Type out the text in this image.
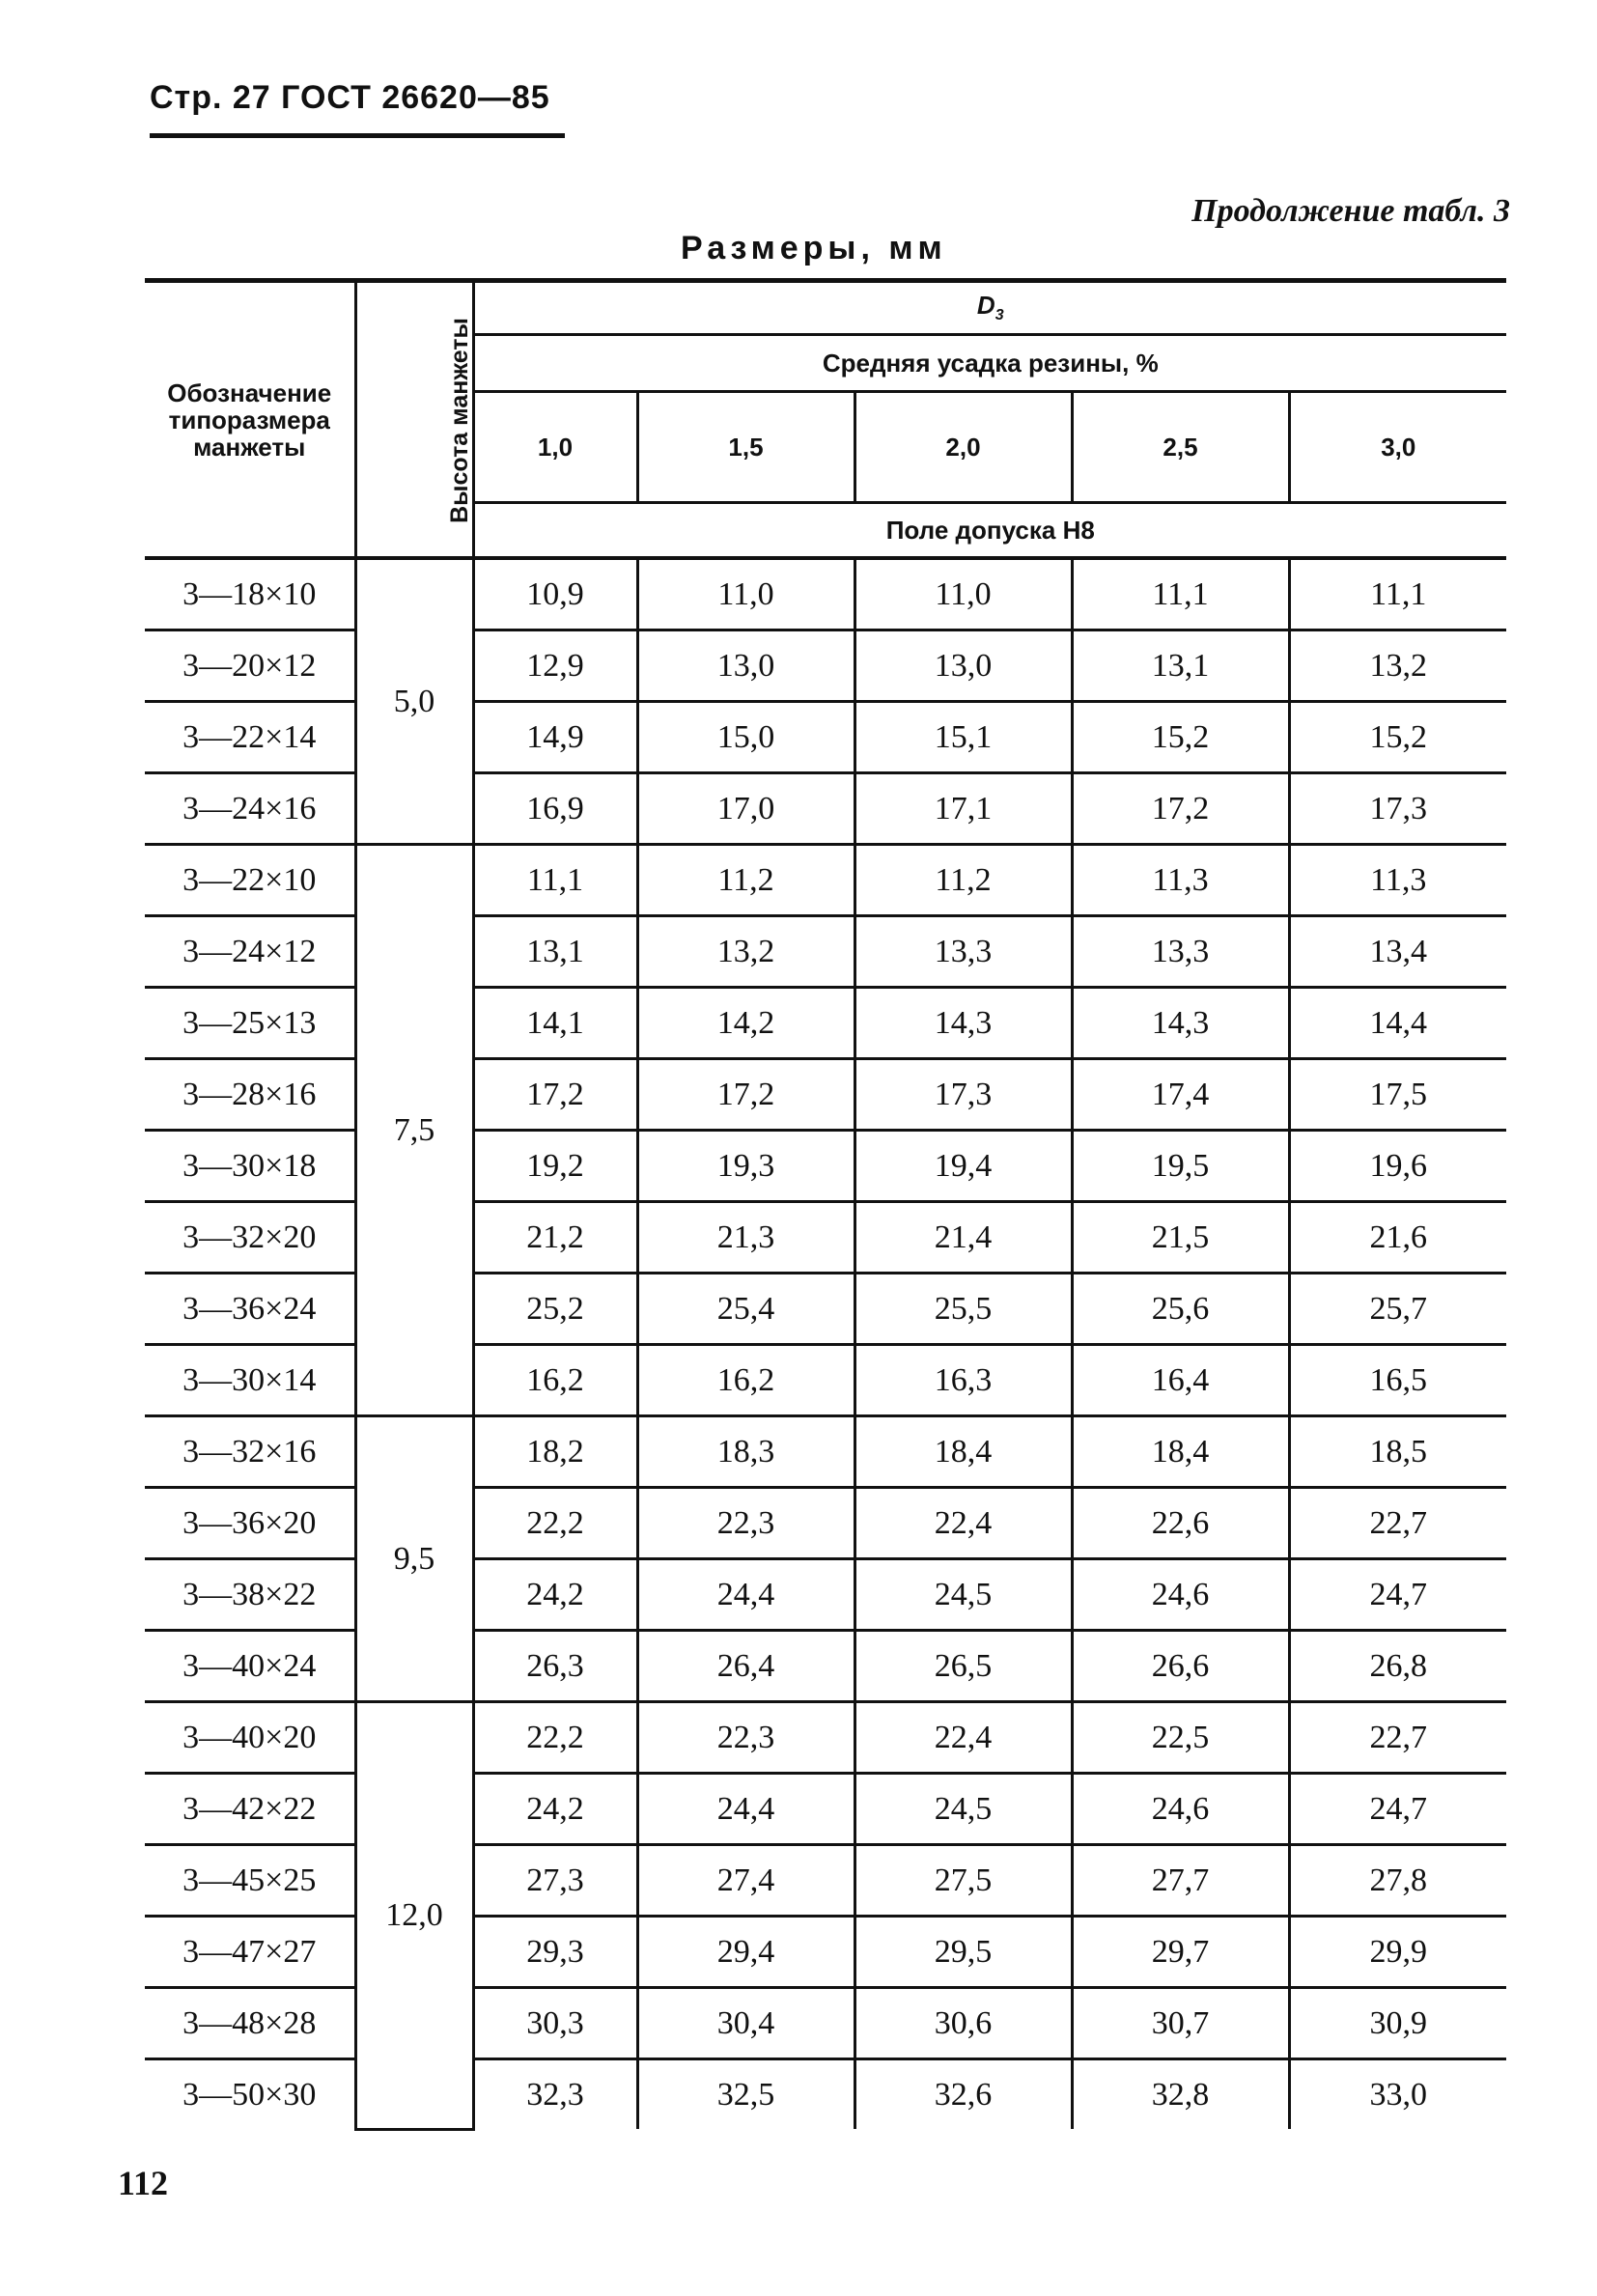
Стр. 27 ГОСТ 26620—85
Продолжение табл. 3
Размеры, мм
Обозначение типоразмера манжеты	Высота манжеты	$D_3$
		Средняя усадка резины, %				
		1,0	1,5	2,0	2,5	3,0
		Поле допуска Н8				
3—18×10	5,0	10,9	11,0	11,0	11,1	11,1
3—20×12		12,9	13,0	13,0	13,1	13,2
3—22×14		14,9	15,0	15,1	15,2	15,2
3—24×16		16,9	17,0	17,1	17,2	17,3
3—22×10	7,5	11,1	11,2	11,2	11,3	11,3
3—24×12		13,1	13,2	13,3	13,3	13,4
3—25×13		14,1	14,2	14,3	14,3	14,4
3—28×16		17,2	17,2	17,3	17,4	17,5
3—30×18		19,2	19,3	19,4	19,5	19,6
3—32×20		21,2	21,3	21,4	21,5	21,6
3—36×24		25,2	25,4	25,5	25,6	25,7
3—30×14		16,2	16,2	16,3	16,4	16,5
3—32×16	9,5	18,2	18,3	18,4	18,4	18,5
3—36×20		22,2	22,3	22,4	22,6	22,7
3—38×22		24,2	24,4	24,5	24,6	24,7
3—40×24		26,3	26,4	26,5	26,6	26,8
3—40×20	12,0	22,2	22,3	22,4	22,5	22,7
3—42×22		24,2	24,4	24,5	24,6	24,7
3—45×25		27,3	27,4	27,5	27,7	27,8
3—47×27		29,3	29,4	29,5	29,7	29,9
3—48×28		30,3	30,4	30,6	30,7	30,9
3—50×30		32,3	32,5	32,6	32,8	33,0
112
